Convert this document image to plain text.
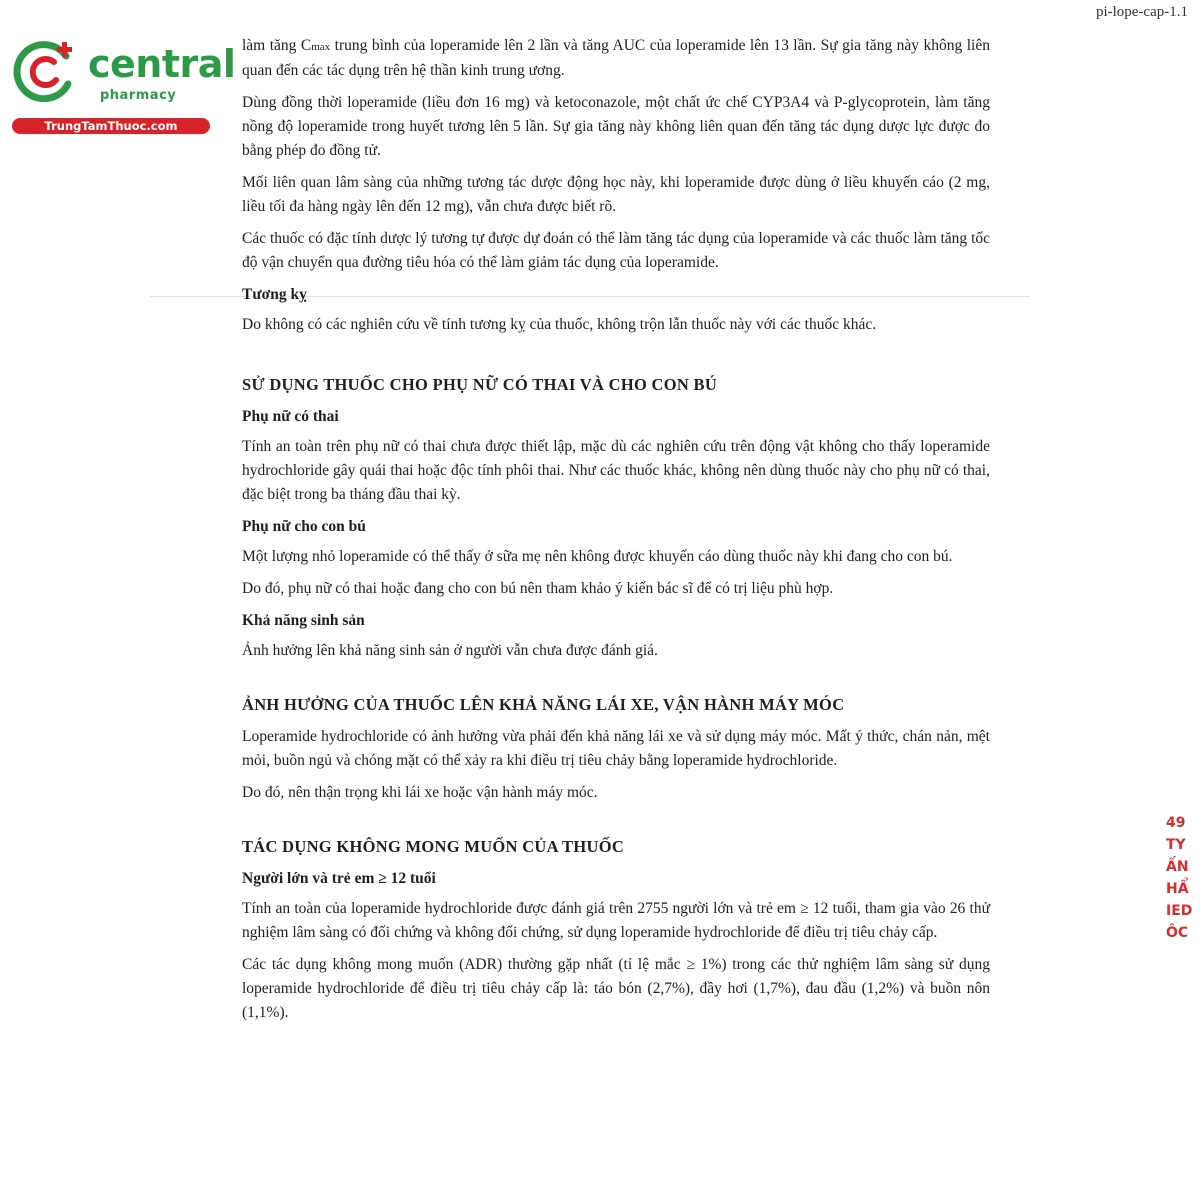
pi-lope-cap-1.1
central
pharmacy
TrungTamThuoc.com

làm tăng Cmax trung bình của loperamide lên 2 lần và tăng AUC của loperamide lên 13 lần. Sự gia tăng này không liên quan đến các tác dụng trên hệ thần kinh trung ương.

Dùng đồng thời loperamide (liều đơn 16 mg) và ketoconazole, một chất ức chế CYP3A4 và P-glycoprotein, làm tăng nồng độ loperamide trong huyết tương lên 5 lần. Sự gia tăng này không liên quan đến tăng tác dụng dược lực được đo bằng phép đo đồng tử.

Mối liên quan lâm sàng của những tương tác dược động học này, khi loperamide được dùng ở liều khuyến cáo (2 mg, liều tối đa hàng ngày lên đến 12 mg), vẫn chưa được biết rõ.

Các thuốc có đặc tính dược lý tương tự được dự đoán có thể làm tăng tác dụng của loperamide và các thuốc làm tăng tốc độ vận chuyển qua đường tiêu hóa có thể làm giảm tác dụng của loperamide.

Tương kỵ

Do không có các nghiên cứu về tính tương kỵ của thuốc, không trộn lẫn thuốc này với các thuốc khác.

SỬ DỤNG THUỐC CHO PHỤ NỮ CÓ THAI VÀ CHO CON BÚ
Phụ nữ có thai

Tính an toàn trên phụ nữ có thai chưa được thiết lập, mặc dù các nghiên cứu trên động vật không cho thấy loperamide hydrochloride gây quái thai hoặc độc tính phôi thai. Như các thuốc khác, không nên dùng thuốc này cho phụ nữ có thai, đặc biệt trong ba tháng đầu thai kỳ.

Phụ nữ cho con bú

Một lượng nhỏ loperamide có thể thấy ở sữa mẹ nên không được khuyến cáo dùng thuốc này khi đang cho con bú.

Do đó, phụ nữ có thai hoặc đang cho con bú nên tham khảo ý kiến bác sĩ để có trị liệu phù hợp.

Khả năng sinh sản

Ảnh hưởng lên khả năng sinh sản ở người vẫn chưa được đánh giá.

ẢNH HƯỞNG CỦA THUỐC LÊN KHẢ NĂNG LÁI XE, VẬN HÀNH MÁY MÓC

Loperamide hydrochloride có ảnh hưởng vừa phải đến khả năng lái xe và sử dụng máy móc. Mất ý thức, chán nản, mệt mỏi, buồn ngủ và chóng mặt có thể xảy ra khi điều trị tiêu chảy bằng loperamide hydrochloride.

Do đó, nên thận trọng khi lái xe hoặc vận hành máy móc.

TÁC DỤNG KHÔNG MONG MUỐN CỦA THUỐC
Người lớn và trẻ em ≥ 12 tuổi

Tính an toàn của loperamide hydrochloride được đánh giá trên 2755 người lớn và trẻ em ≥ 12 tuổi, tham gia vào 26 thử nghiệm lâm sàng có đối chứng và không đối chứng, sử dụng loperamide hydrochloride để điều trị tiêu chảy cấp.

Các tác dụng không mong muốn (ADR) thường gặp nhất (tỉ lệ mắc ≥ 1%) trong các thử nghiệm lâm sàng sử dụng loperamide hydrochloride để điều trị tiêu chảy cấp là: táo bón (2,7%), đầy hơi (1,7%), đau đầu (1,2%) và buồn nôn (1,1%).

49
TY
ẤN
HẨ
IED
ÔC
